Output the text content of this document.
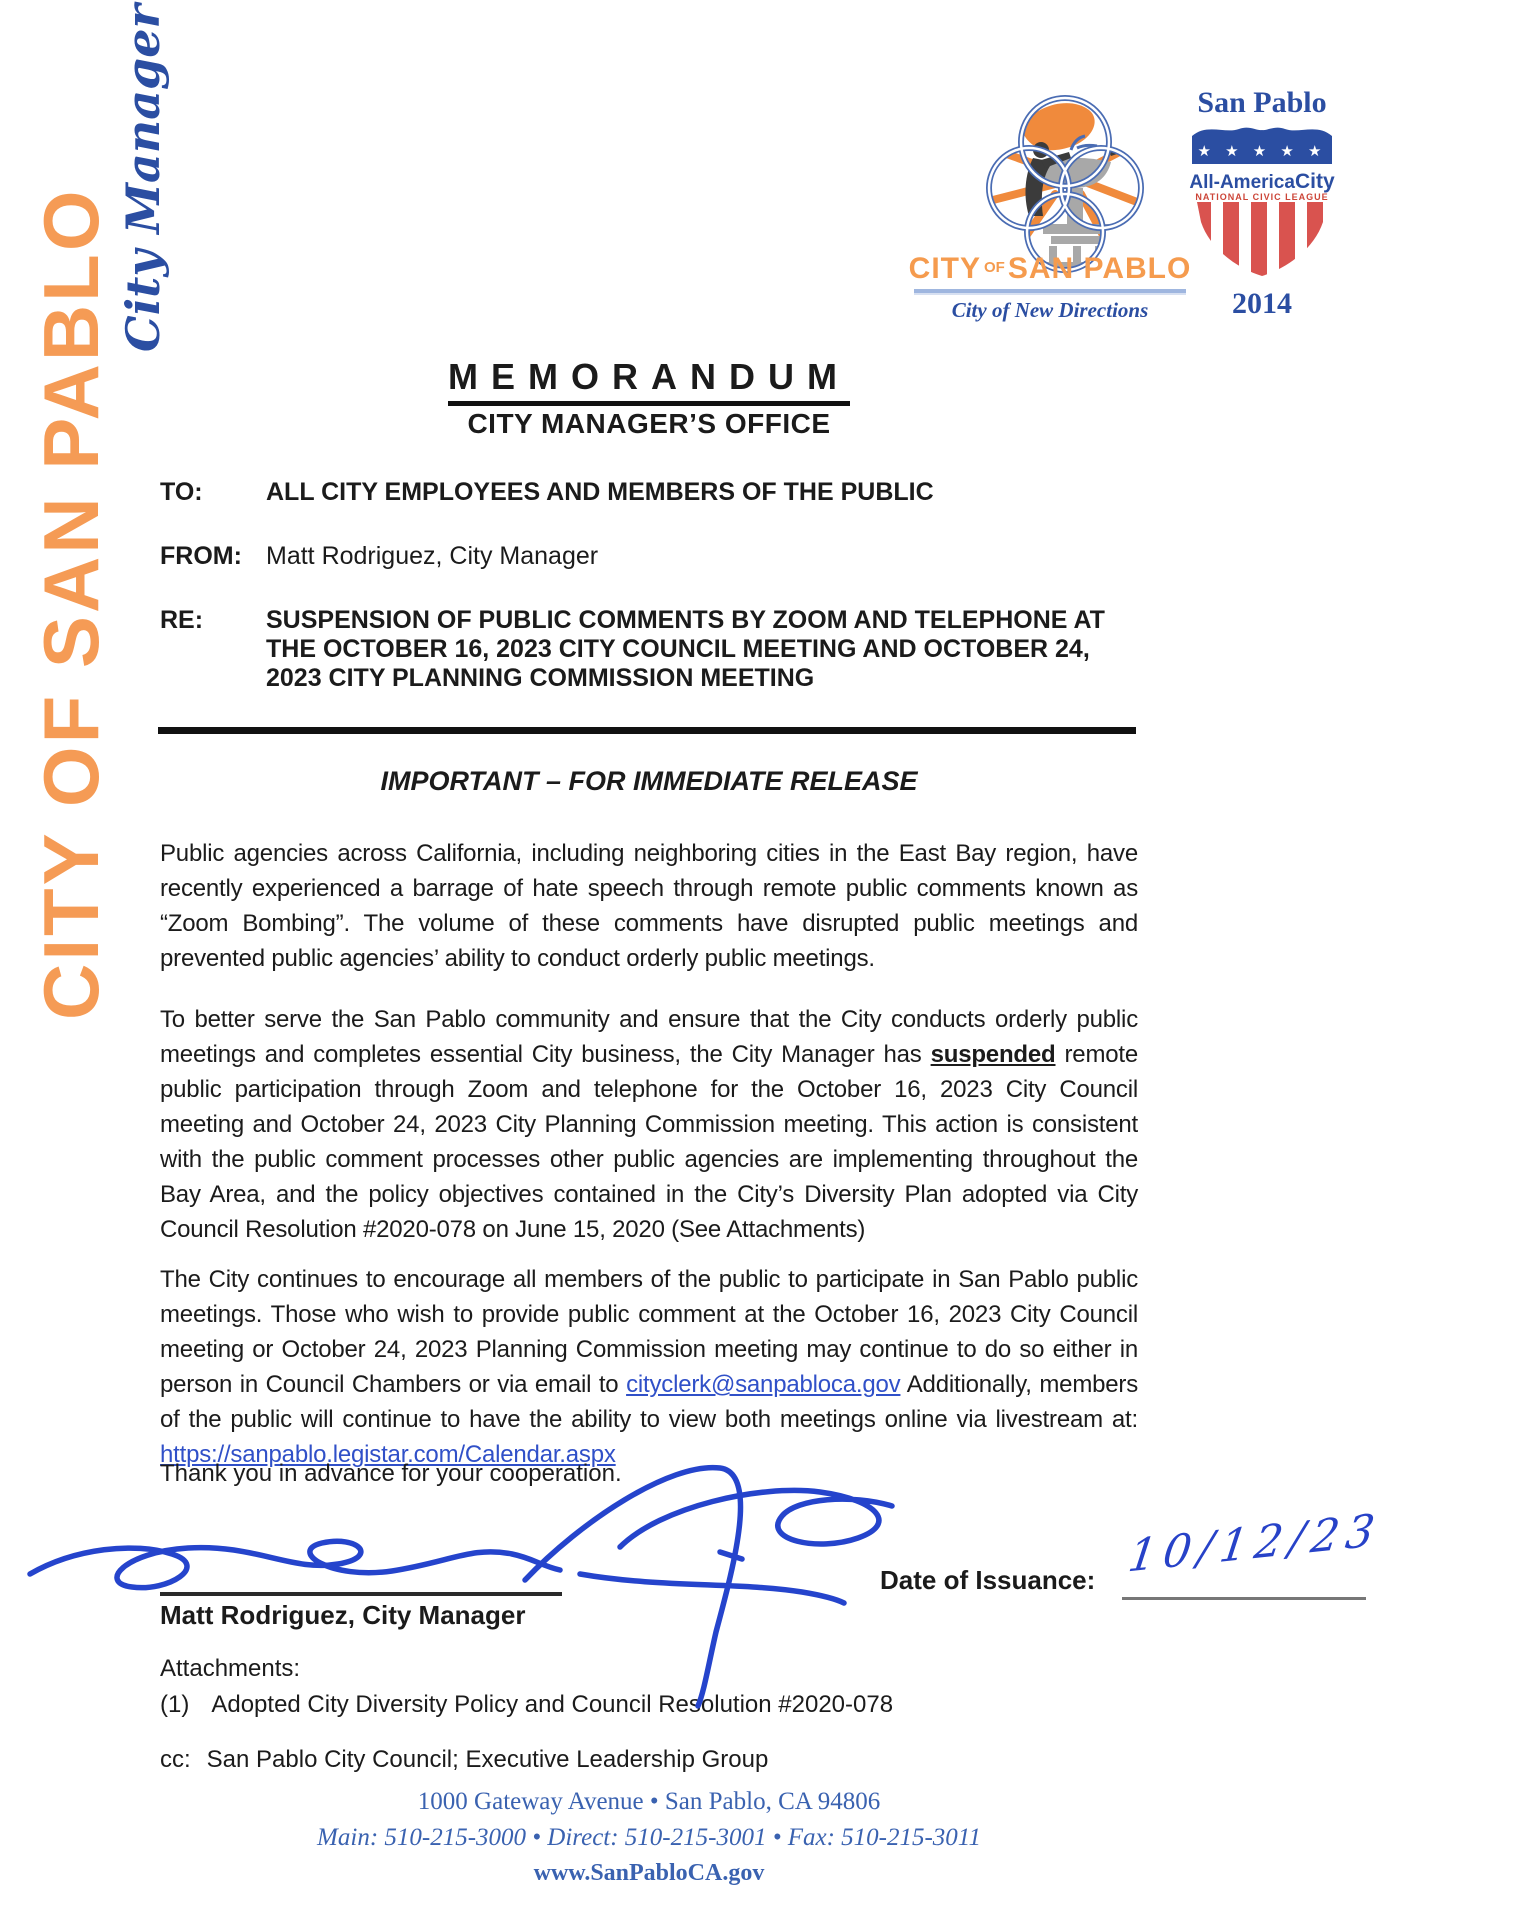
CITY OF SAN PABLO
City Manager	CITY OF SAN PABLO
City of New Directions
San Pablo
★ ★ ★ ★ ★
All-AmericaCity
NATIONAL CIVIC LEAGUE
2014
MEMORANDUM
CITY MANAGER’S OFFICE
TO:	ALL CITY EMPLOYEES AND MEMBERS OF THE PUBLIC
FROM: Matt Rodriguez, City Manager
RE:	SUSPENSION OF PUBLIC COMMENTS BY ZOOM AND TELEPHONE AT THE OCTOBER 16, 2023 CITY COUNCIL MEETING AND OCTOBER 24, 2023 CITY PLANNING COMMISSION MEETING
IMPORTANT – FOR IMMEDIATE RELEASE

Public agencies across California, including neighboring cities in the East Bay region, have recently experienced a barrage of hate speech through remote public comments known as “Zoom Bombing”. The volume of these comments have disrupted public meetings and prevented public agencies’ ability to conduct orderly public meetings.

To better serve the San Pablo community and ensure that the City conducts orderly public meetings and completes essential City business, the City Manager has suspended remote public participation through Zoom and telephone for the October 16, 2023 City Council meeting and October 24, 2023 City Planning Commission meeting. This action is consistent with the public comment processes other public agencies are implementing throughout the Bay Area, and the policy objectives contained in the City’s Diversity Plan adopted via City Council Resolution #2020-078 on June 15, 2020 (See Attachments)

The City continues to encourage all members of the public to participate in San Pablo public meetings. Those who wish to provide public comment at the October 16, 2023 City Council meeting or October 24, 2023 Planning Commission meeting may continue to do so either in person in Council Chambers or via email to cityclerk@sanpabloca.gov Additionally, members of the public will continue to have the ability to view both meetings online via livestream at: https://sanpablo.legistar.com/Calendar.aspx

Thank you in advance for your cooperation.
Matt Rodriguez, City Manager
Date of Issuance: 10/12/23
Attachments:
(1) Adopted City Diversity Policy and Council Resolution #2020-078
cc: San Pablo City Council; Executive Leadership Group
1000 Gateway Avenue • San Pablo, CA 94806
Main: 510-215-3000 • Direct: 510-215-3001 • Fax: 510-215-3011
www.SanPabloCA.gov
